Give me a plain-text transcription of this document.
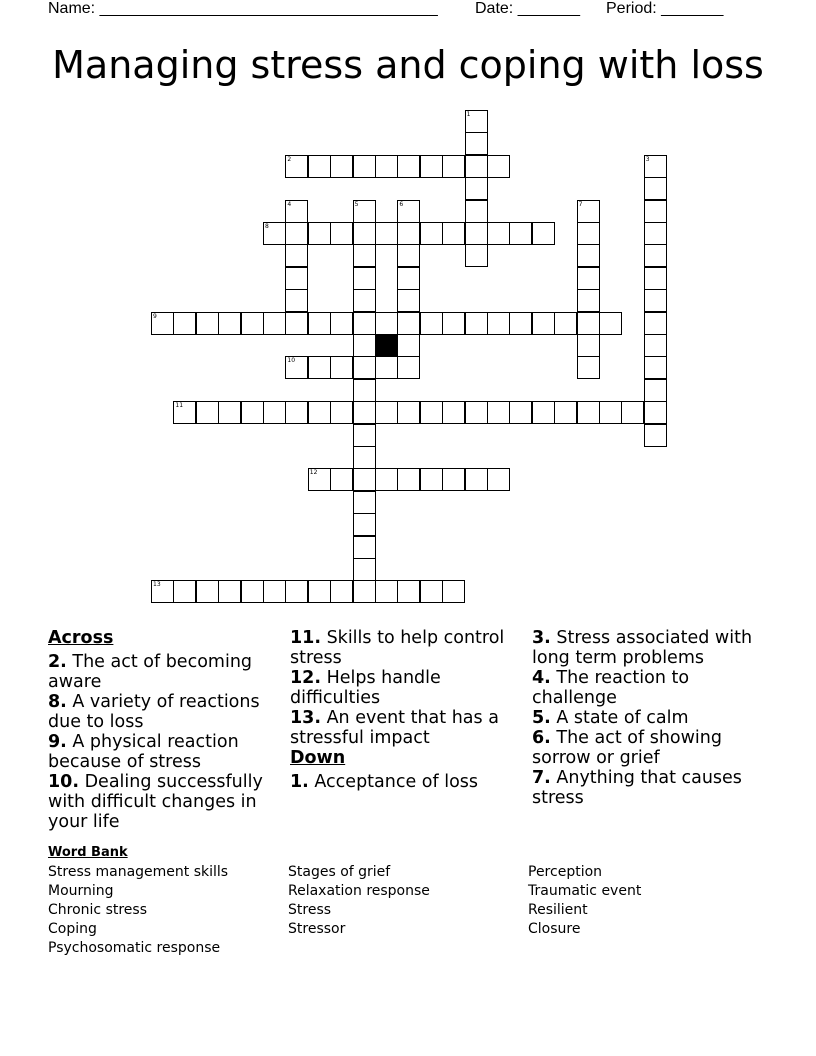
Name: ______________________________________ Date: _______ Period: _______
Managing stress and coping with loss
1
2	3
4	5	6	7
8
9
10
11
12
13
Across
2. The act of becoming aware
8. A variety of reactions due to loss
9. A physical reaction because of stress
10. Dealing successfully with difficult changes in your life
11. Skills to help control stress
12. Helps handle difficulties
13. An event that has a stressful impact
Down
1. Acceptance of loss
3. Stress associated with long term problems
4. The reaction to challenge
5. A state of calm
6. The act of showing sorrow or grief
7. Anything that causes stress
Word Bank
Stress management skills
Mourning
Chronic stress
Coping
Psychosomatic response
Stages of grief
Relaxation response
Stress
Stressor
Perception
Traumatic event
Resilient
Closure
